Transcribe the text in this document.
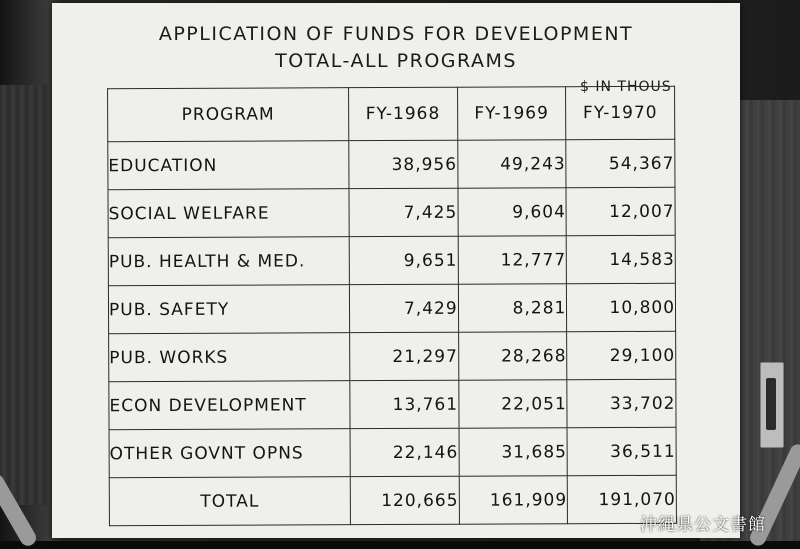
APPLICATION OF FUNDS FOR DEVELOPMENT
TOTAL-ALL PROGRAMS
$ IN THOUS
PROGRAM	FY-1968	FY-1969	FY-1970
EDUCATION	38,956	49,243	54,367
SOCIAL WELFARE	7,425	9,604	12,007
PUB. HEALTH & MED.	9,651	12,777	14,583
PUB. SAFETY	7,429	8,281	10,800
PUB. WORKS	21,297	28,268	29,100
ECON DEVELOPMENT	13,761	22,051	33,702
OTHER GOVNT OPNS	22,146	31,685	36,511
TOTAL	120,665	161,909	191,070
沖縄県公文書館
